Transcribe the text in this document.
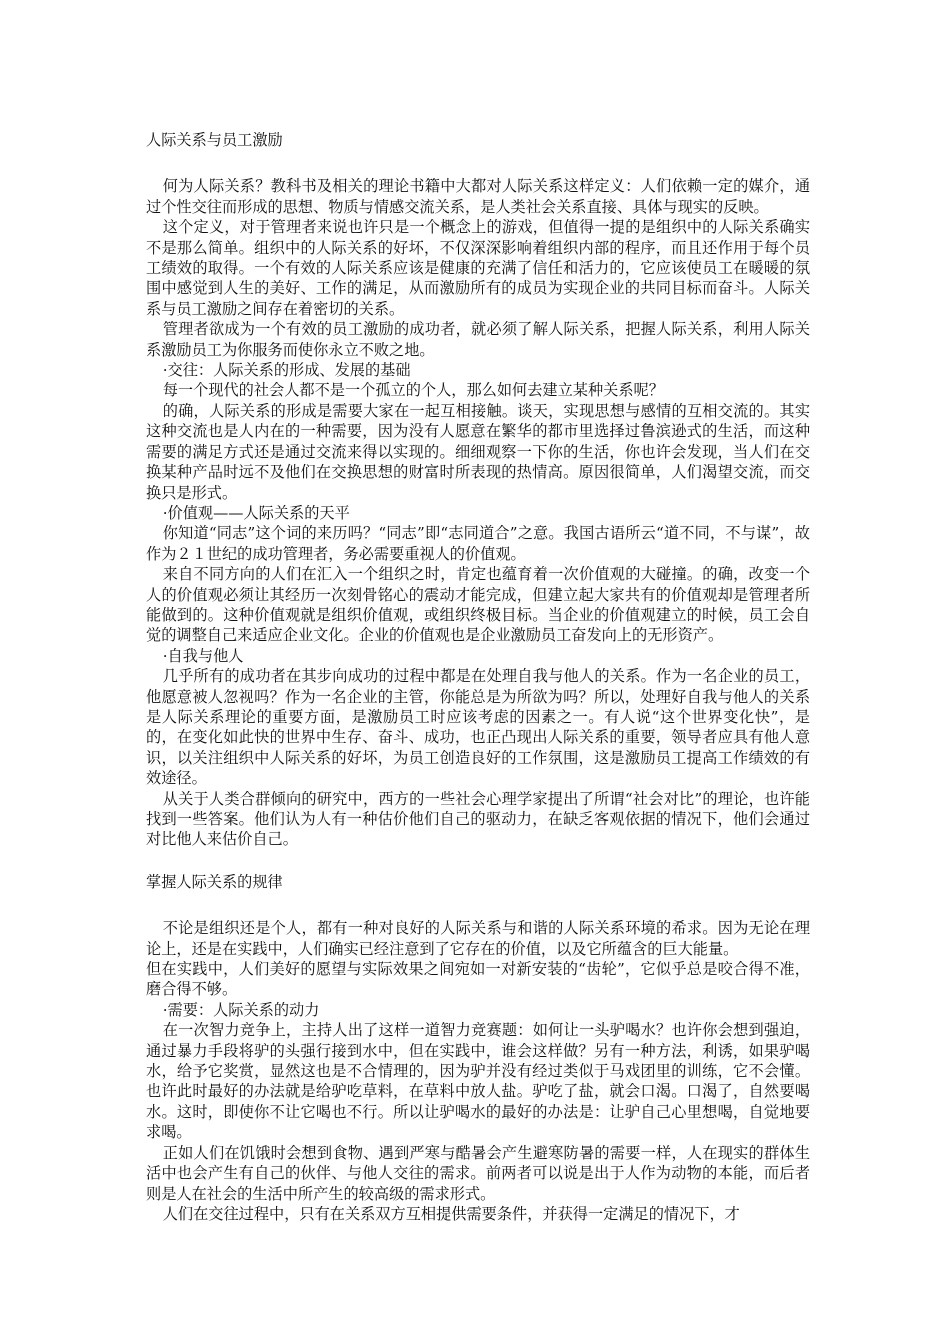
人际关系与员工激励

何为人际关系？教科书及相关的理论书籍中大都对人际关系这样定义：人们依赖一定的媒介，通过个性交往而形成的思想、物质与情感交流关系，是人类社会关系直接、具体与现实的反映。

这个定义，对于管理者来说也许只是一个概念上的游戏，但值得一提的是组织中的人际关系确实不是那么简单。组织中的人际关系的好坏，不仅深深影响着组织内部的程序，而且还作用于每个员工绩效的取得。一个有效的人际关系应该是健康的充满了信任和活力的，它应该使员工在暖暖的氛围中感觉到人生的美好、工作的满足，从而激励所有的成员为实现企业的共同目标而奋斗。人际关系与员工激励之间存在着密切的关系。

管理者欲成为一个有效的员工激励的成功者，就必须了解人际关系，把握人际关系，利用人际关系激励员工为你服务而使你永立不败之地。

·交往：人际关系的形成、发展的基础

每一个现代的社会人都不是一个孤立的个人，那么如何去建立某种关系呢？

的确，人际关系的形成是需要大家在一起互相接触。谈天，实现思想与感情的互相交流的。其实这种交流也是人内在的一种需要，因为没有人愿意在繁华的都市里选择过鲁滨逊式的生活，而这种需要的满足方式还是通过交流来得以实现的。细细观察一下你的生活，你也许会发现，当人们在交换某种产品时远不及他们在交换思想的财富时所表现的热情高。原因很简单，人们渴望交流，而交换只是形式。

·价值观——人际关系的天平

你知道“同志”这个词的来历吗？“同志”即“志同道合”之意。我国古语所云“道不同，不与谋”，故作为２１世纪的成功管理者，务必需要重视人的价值观。

来自不同方向的人们在汇入一个组织之时，肯定也蕴育着一次价值观的大碰撞。的确，改变一个人的价值观必须让其经历一次刻骨铭心的震动才能完成，但建立起大家共有的价值观却是管理者所能做到的。这种价值观就是组织价值观，或组织终极目标。当企业的价值观建立的时候，员工会自觉的调整自己来适应企业文化。企业的价值观也是企业激励员工奋发向上的无形资产。

·自我与他人

几乎所有的成功者在其步向成功的过程中都是在处理自我与他人的关系。作为一名企业的员工，他愿意被人忽视吗？作为一名企业的主管，你能总是为所欲为吗？所以，处理好自我与他人的关系是人际关系理论的重要方面，是激励员工时应该考虑的因素之一。有人说“这个世界变化快”，是的，在变化如此快的世界中生存、奋斗、成功，也正凸现出人际关系的重要，领导者应具有他人意识，以关注组织中人际关系的好坏，为员工创造良好的工作氛围，这是激励员工提高工作绩效的有效途径。

从关于人类合群倾向的研究中，西方的一些社会心理学家提出了所谓“社会对比”的理论，也许能找到一些答案。他们认为人有一种估价他们自己的驱动力，在缺乏客观依据的情况下，他们会通过对比他人来估价自己。

掌握人际关系的规律

不论是组织还是个人，都有一种对良好的人际关系与和谐的人际关系环境的希求。因为无论在理论上，还是在实践中，人们确实已经注意到了它存在的价值，以及它所蕴含的巨大能量。

但在实践中，人们美好的愿望与实际效果之间宛如一对新安装的“齿轮”，它似乎总是咬合得不准，磨合得不够。

·需要：人际关系的动力

在一次智力竞争上，主持人出了这样一道智力竞赛题：如何让一头驴喝水？也许你会想到强迫，通过暴力手段将驴的头强行接到水中，但在实践中，谁会这样做？另有一种方法，利诱，如果驴喝水，给予它奖赏，显然这也是不合情理的，因为驴并没有经过类似于马戏团里的训练，它不会懂。也许此时最好的办法就是给驴吃草料，在草料中放人盐。驴吃了盐，就会口渴。口渴了，自然要喝水。这时，即使你不让它喝也不行。所以让驴喝水的最好的办法是：让驴自己心里想喝，自觉地要求喝。

正如人们在饥饿时会想到食物、遇到严寒与酷暑会产生避寒防暑的需要一样，人在现实的群体生活中也会产生有自己的伙伴、与他人交往的需求。前两者可以说是出于人作为动物的本能，而后者则是人在社会的生活中所产生的较高级的需求形式。

人们在交往过程中，只有在关系双方互相提供需要条件，并获得一定满足的情况下，才
